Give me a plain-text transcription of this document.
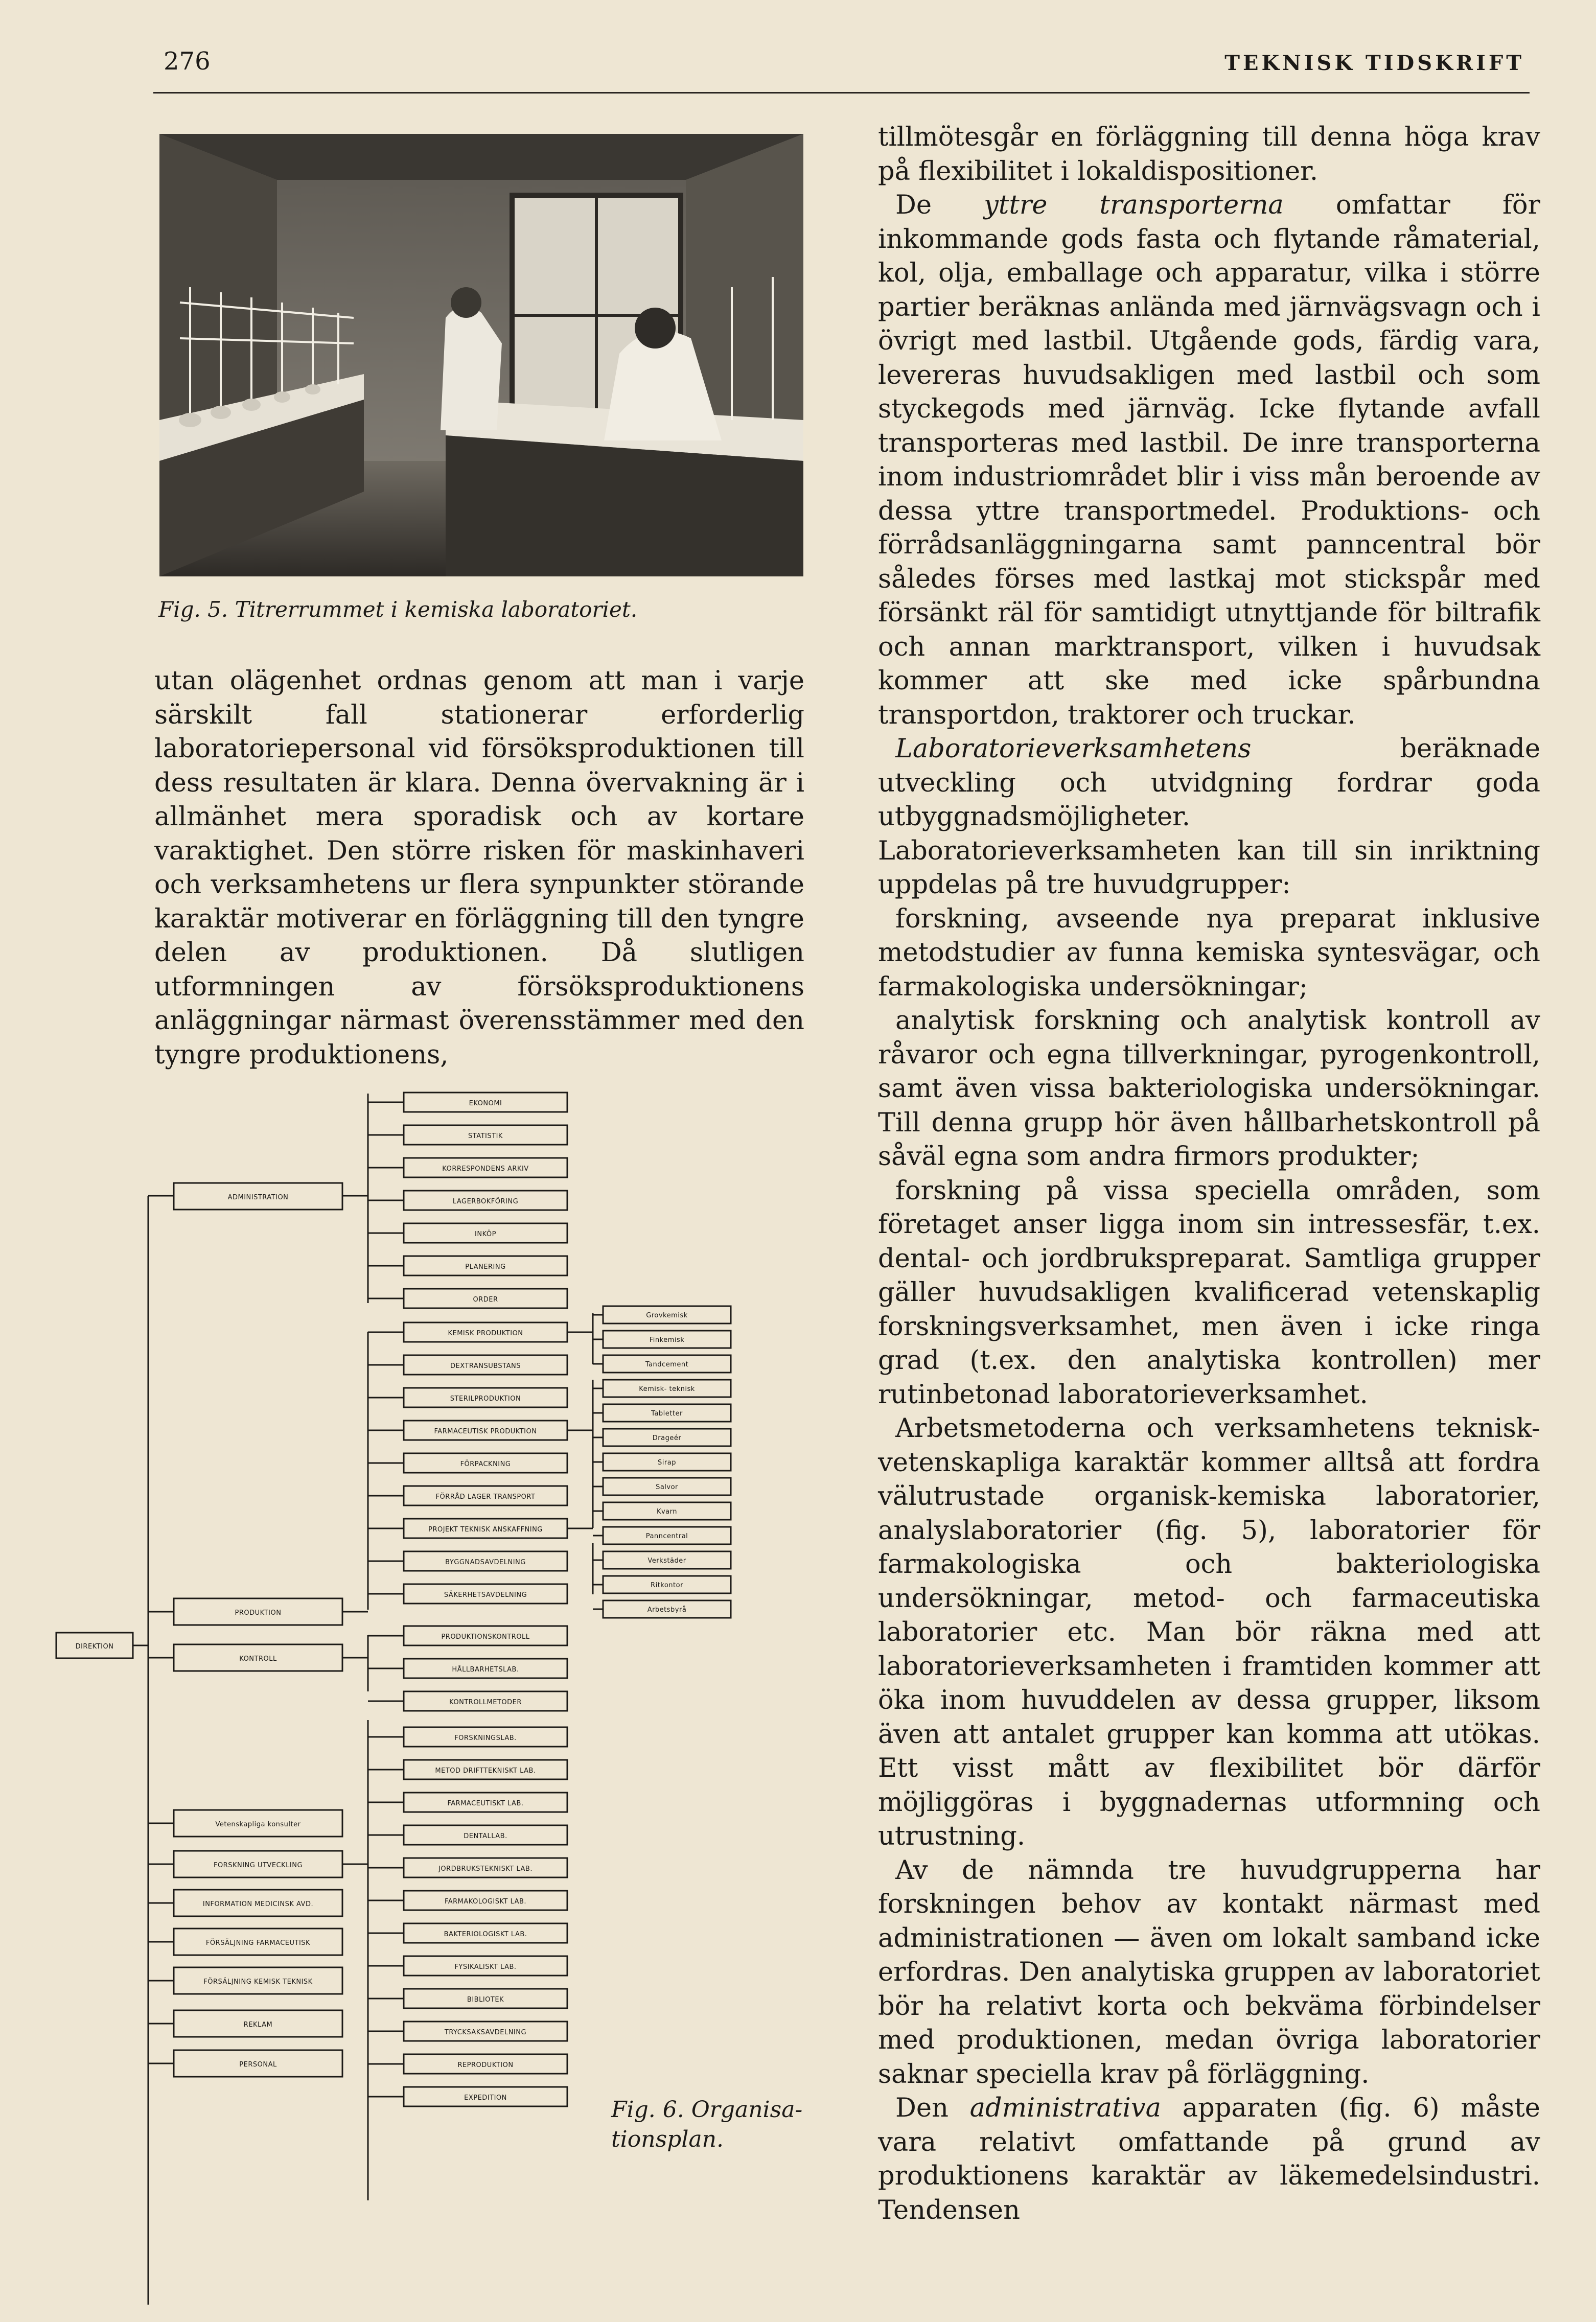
276	TEKNISK TIDSKRIFT
Fig. 5. Titrerrummet i kemiska laboratoriet.

utan olägenhet ordnas genom att man i varje särskilt fall stationerar erforderlig laboratoriepersonal vid försöksproduktionen till dess resultaten är klara. Denna övervakning är i allmänhet mera sporadisk och av kortare varaktighet. Den större risken för maskinhaveri och verksamhetens ur flera synpunkter störande karaktär motiverar en förläggning till den tyngre delen av produktionen. Då slutligen utformningen av försöksproduktionens anläggningar närmast överensstämmer med den tyngre produktionens,

tillmötesgår en förläggning till denna höga krav på flexibilitet i lokaldispositioner.

De yttre transporterna omfattar för inkommande gods fasta och flytande råmaterial, kol, olja, emballage och apparatur, vilka i större partier beräknas anlända med järnvägsvagn och i övrigt med lastbil. Utgående gods, färdig vara, levereras huvudsakligen med lastbil och som styckegods med järnväg. Icke flytande avfall transporteras med lastbil. De inre transporterna inom industriområdet blir i viss mån beroende av dessa yttre transportmedel. Produktions- och förrådsanläggningarna samt panncentral bör således förses med lastkaj mot stickspår med försänkt räl för samtidigt utnyttjande för biltrafik och annan marktransport, vilken i huvudsak kommer att ske med icke spårbundna transportdon, traktorer och truckar.

Laboratorieverksamhetens beräknade utveckling och utvidgning fordrar goda utbyggnadsmöjligheter. Laboratorieverksamheten kan till sin inriktning uppdelas på tre huvudgrupper:

forskning, avseende nya preparat inklusive metodstudier av funna kemiska syntesvägar, och farmakologiska undersökningar;

analytisk forskning och analytisk kontroll av råvaror och egna tillverkningar, pyrogenkontroll, samt även vissa bakteriologiska undersökningar. Till denna grupp hör även hållbarhetskontroll på såväl egna som andra firmors produkter;

forskning på vissa speciella områden, som företaget anser ligga inom sin intressesfär, t.ex. dental- och jordbrukspreparat. Samtliga grupper gäller huvudsakligen kvalificerad vetenskaplig forskningsverksamhet, men även i icke ringa grad (t.ex. den analytiska kontrollen) mer rutinbetonad laboratorieverksamhet.

Arbetsmetoderna och verksamhetens teknisk-vetenskapliga karaktär kommer alltså att fordra välutrustade organisk-kemiska laboratorier, analyslaboratorier (fig. 5), laboratorier för farmakologiska och bakteriologiska undersökningar, metod- och farmaceutiska laboratorier etc. Man bör räkna med att laboratorieverksamheten i framtiden kommer att öka inom huvuddelen av dessa grupper, liksom även att antalet grupper kan komma att utökas. Ett visst mått av flexibilitet bör därför möjliggöras i byggnadernas utformning och utrustning.

Av de nämnda tre huvudgrupperna har forskningen behov av kontakt närmast med administrationen — även om lokalt samband icke erfordras. Den analytiska gruppen av laboratoriet bör ha relativt korta och bekväma förbindelser med produktionen, medan övriga laboratorier saknar speciella krav på förläggning.

Den administrativa apparaten (fig. 6) måste vara relativt omfattande på grund av produktionens karaktär av läkemedelsindustri. Tendensen

DIREKTION
ADMINISTRATION
PRODUKTION
KONTROLL
Vetenskapliga konsulter
FORSKNING UTVECKLING
INFORMATION MEDICINSK AVD.
FÖRSÄLJNING FARMACEUTISK
FÖRSÄLJNING KEMISK TEKNISK
REKLAM
PERSONAL
EKONOMI
STATISTIK
KORRESPONDENS ARKIV
LAGERBOKFÖRING
INKÖP
PLANERING
ORDER
KEMISK PRODUKTION
DEXTRANSUBSTANS
STERILPRODUKTION
FARMACEUTISK PRODUKTION
FÖRPACKNING
FÖRRÅD LAGER TRANSPORT
PROJEKT TEKNISK ANSKAFFNING
BYGGNADSAVDELNING
SÄKERHETSAVDELNING
Grovkemisk
Finkemisk
Tandcement
Kemisk- teknisk
Tabletter
Drageér
Sirap
Salvor
Kvarn
Panncentral
Verkstäder
Ritkontor
Arbetsbyrå
PRODUKTIONSKONTROLL
HÅLLBARHETSLAB.
KONTROLLMETODER
FORSKNINGSLAB.
METOD DRIFTTEKNISKT LAB.
FARMACEUTISKT LAB.
DENTALLAB.
JORDBRUKSTEKNISKT LAB.
FARMAKOLOGISKT LAB.
BAKTERIOLOGISKT LAB.
FYSIKALISKT LAB.
BIBLIOTEK
TRYCKSAKSAVDELNING
REPRODUKTION
EXPEDITION	Fig. 6. Organisa-
tionsplan.
